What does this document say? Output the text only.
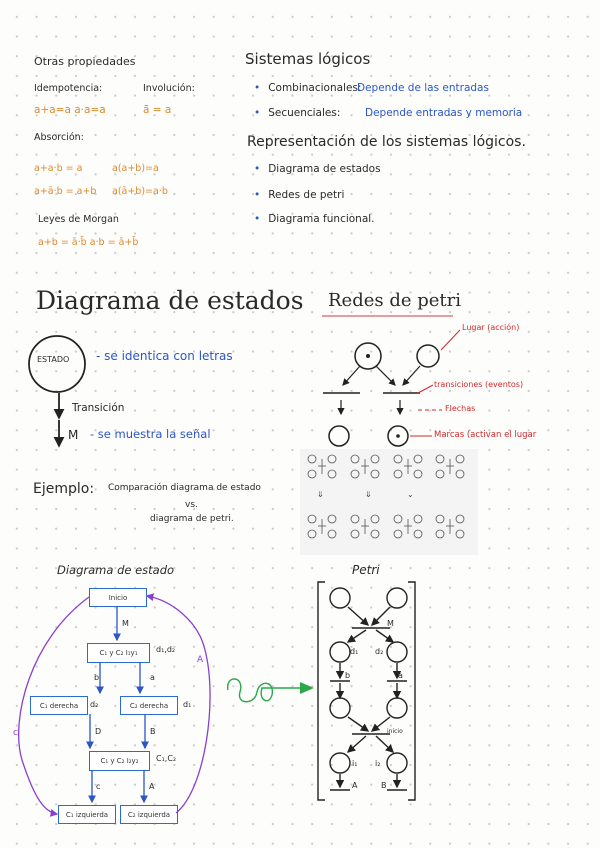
Otras propiedades
Idempotencia:
a+a=a a·a=a
Involución:
ā̄ = a
Absorción:
a+a·b = a	a(a+b)=a
a+ā·b = a+b a(ā+b)=a·b
Leyes de Morgan
a+b = ā·b̄ a·b = ā+b̄
Sistemas lógicos
• Combinacionales:
Depende de las entradas
• Secuenciales: Depende entradas y memoria
Representación de los sistemas lógicos.
• Diagrama de estados
• Redes de petri
• Diagrama funcional.
Diagrama de estados
ESTADO - se identica con letras
Transición
M - se muestra la señal
Ejemplo: Comparación diagrama de estado
vs.
diagrama de petri.
Redes de petri
Lugar (acción)
transiciones (eventos)
Flechas
Marcas (activan el lugar
Diagrama de estado	Petri
Inicio
C₁ y C₂ I₁y₁	d₁,d₂
C₁ derecha	d₂	C₂ derecha	d₁
C₁ y C₂ I₂y₂	C₁,C₂
C₁ izquierda	C₂ izquierda
M
b	a
D	B
c	A
M
d₁ d₂
b	a
inicio
i₁ i₂
A	B
⇓	⇓	⌄
c
A
